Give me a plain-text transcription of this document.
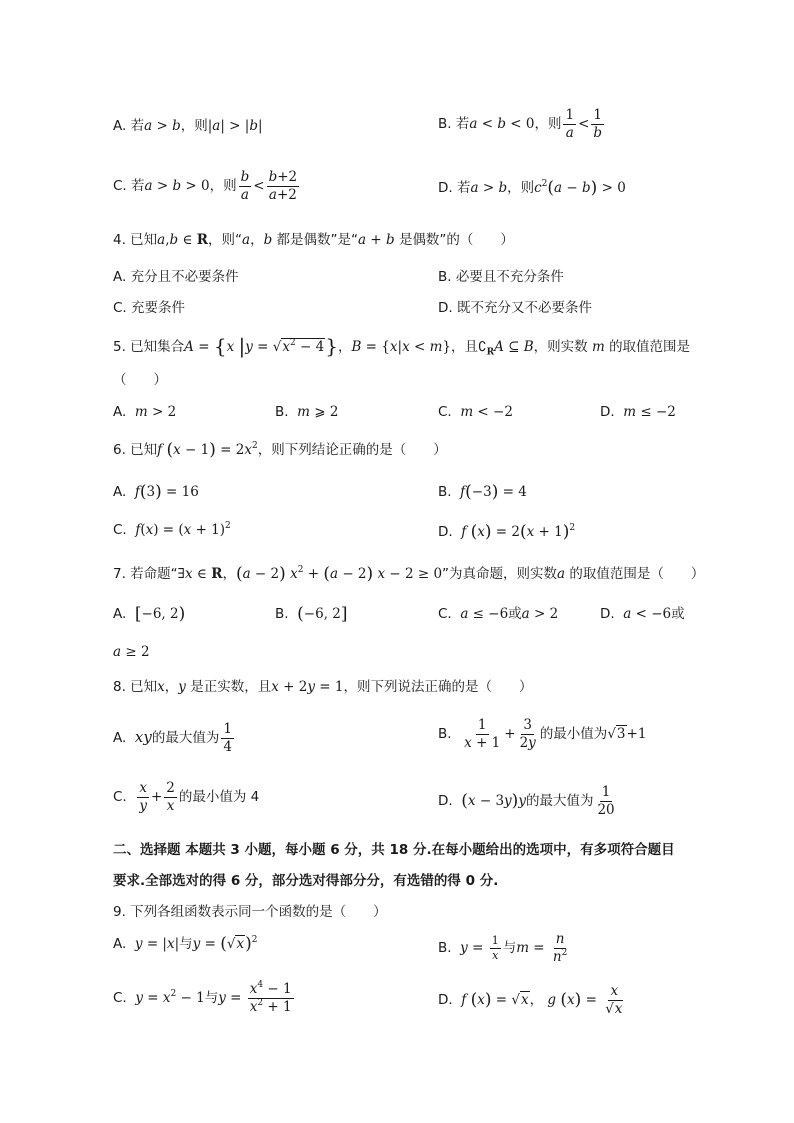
A. 若a > b，则|a| > |b|	B. 若a < b < 0，则 $\frac{1}{a} < \frac{1}{b}$
C. 若a > b > 0，则 $\frac{b}{a} < \frac{b+2}{a+2}$	D. 若a > b，则$c^2(a - b) > 0$
4. 已知a,b ∈ R，则“a，b 都是偶数”是“a + b 是偶数”的（　　）
A. 充分且不必要条件	B. 必要且不充分条件
C. 充要条件	D. 既不充分又不必要条件
5. 已知集合A = {x $|y = √x^2 - 4$}，B = {x|x < m}，且$∁_RA$ ⊆ B，则实数 m 的取值范围是
（　　）
A. m > 2	B. m ⩾ 2	C. m < −2	D. m ≤ −2
6. 已知f $(x - 1) = 2x^2$，则下列结论正确的是（　　）
A. f(3) = 16	B. f(−3) = 4
C. $f(x) = (x + 1)^2$	D. f $(x) = 2(x + 1)^2$
7. 若命题“∃x ∈ R，(a − 2) $x^2 + (a - 2) x - 2 \ge 0$”为真命题，则实数a 的取值范围是（　　）
A. [−6, 2)	B. (−6, 2]	C. a ≤ −6或a > 2	D. a < −6或
a ≥ 2
8. 已知x，y 是正实数，且x + 2y = 1，则下列说法正确的是（　　）
A. xy的最大值为 $\frac{1}{4}$	B. $\frac{1}{x + 1} + \frac{3}{2y}$ 的最小值为√3+1
C. $\frac{x}{y} + \frac{2}{x}$ 的最小值为 4	D. (x − 3y)y的最大值为 $\frac{1}{20}$
二、选择题 本题共 3 小题，每小题 6 分，共 18 分.在每小题给出的选项中，有多项符合题目
要求.全部选对的得 6 分，部分选对得部分分，有选错的得 0 分.
9. 下列各组函数表示同一个函数的是（　　）
A. y = |x|与$y = (√x)^2$	B. $y = \frac{1}{x}$ 与$m = \frac{n}{n^2}$
C. $y = x^2 - 1$与$y = \frac{x^4 - 1}{x^2 + 1}$	D. f (x) = √x， g $(x) = \frac{x}{√x}$
